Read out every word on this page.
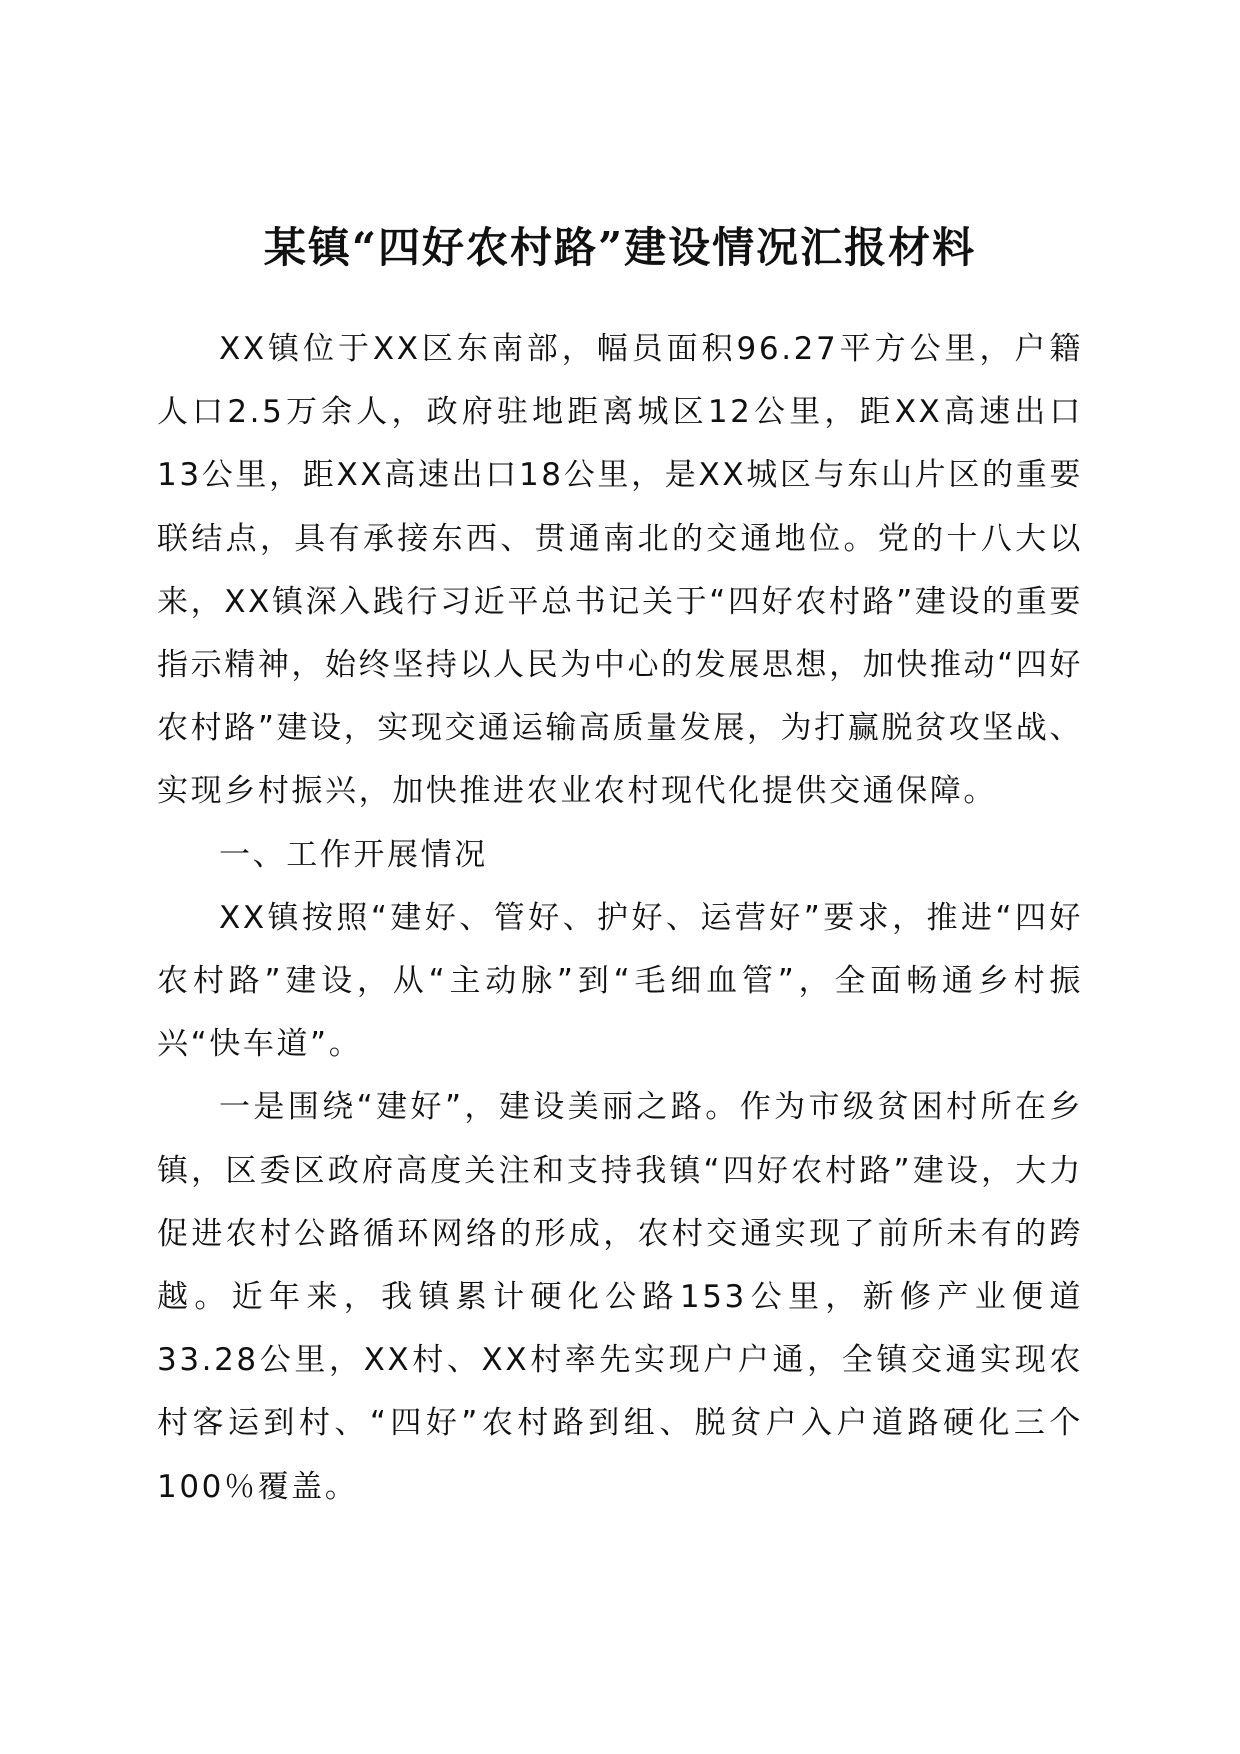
某镇“四好农村路”建设情况汇报材料

XX镇位于XX区东南部，幅员面积96.27平方公里，户籍人口2.5万余人，政府驻地距离城区12公里，距XX高速出口13公里，距XX高速出口18公里，是XX城区与东山片区的重要联结点，具有承接东西、贯通南北的交通地位。党的十八大以来，XX镇深入践行习近平总书记关于“四好农村路”建设的重要指示精神，始终坚持以人民为中心的发展思想，加快推动“四好农村路”建设，实现交通运输高质量发展，为打赢脱贫攻坚战、实现乡村振兴，加快推进农业农村现代化提供交通保障。

一、工作开展情况

XX镇按照“建好、管好、护好、运营好”要求，推进“四好农村路”建设，从“主动脉”到“毛细血管”，全面畅通乡村振兴“快车道”。

一是围绕“建好”，建设美丽之路。作为市级贫困村所在乡镇，区委区政府高度关注和支持我镇“四好农村路”建设，大力促进农村公路循环网络的形成，农村交通实现了前所未有的跨越。近年来，我镇累计硬化公路153公里，新修产业便道33.28公里，XX村、XX村率先实现户户通，全镇交通实现农村客运到村、“四好”农村路到组、脱贫户入户道路硬化三个100％覆盖。
